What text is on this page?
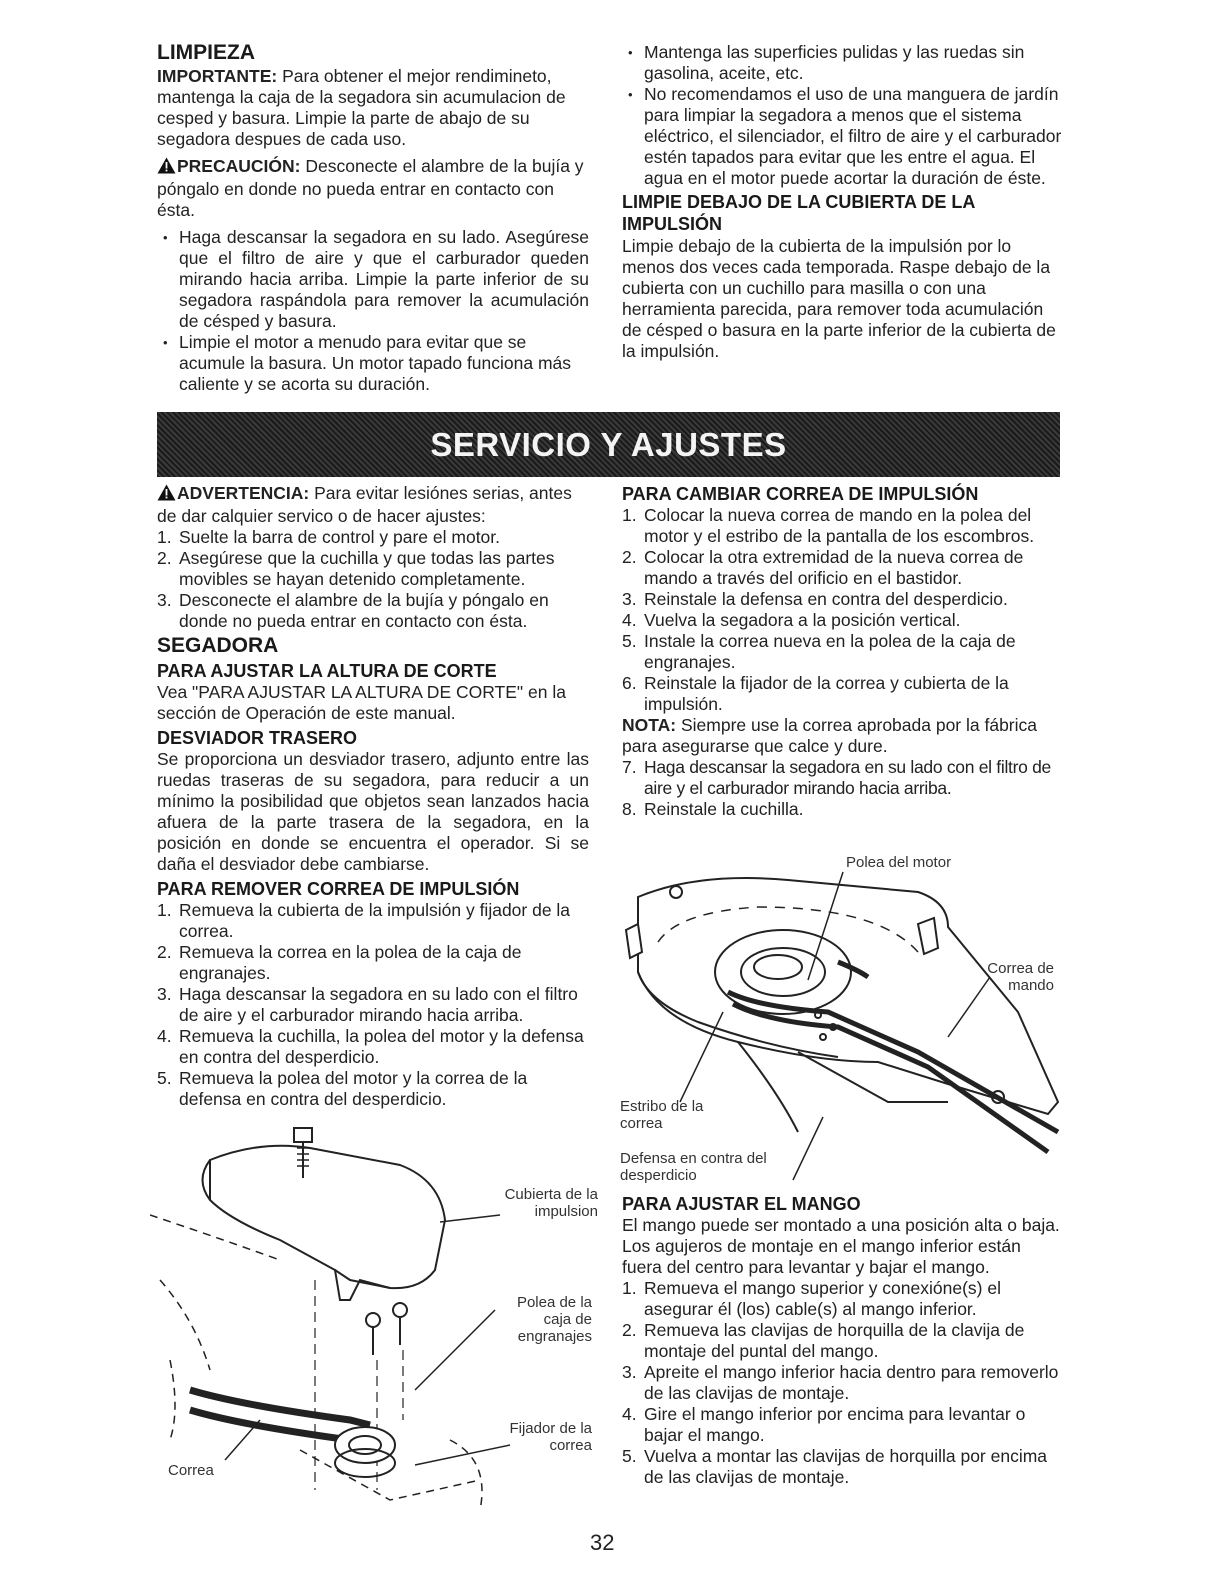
LIMPIEZA

IMPORTANTE: Para obtener el mejor rendimineto, mantenga la caja de la segadora sin acumulacion de cesped y basura. Limpie la parte de abajo de su segadora despues de cada uso.

PRECAUCIÓN: Desconecte el alambre de la bujía y póngalo en donde no pueda entrar en contacto con ésta.

• Haga descansar la segadora en su lado. Asegúrese que el filtro de aire y que el carburador queden mirando hacia arriba. Limpie la parte inferior de su segadora raspándola para remover la acumulación de césped y basura.
• Limpie el motor a menudo para evitar que se acumule la basura. Un motor tapado funciona más caliente y se acorta su duración.
• Mantenga las superficies pulidas y las ruedas sin gasolina, aceite, etc.
• No recomendamos el uso de una manguera de jardín para limpiar la segadora a menos que el sistema eléctrico, el silenciador, el filtro de aire y el carburador estén tapados para evitar que les entre el agua. El agua en el motor puede acortar la duración de éste.
LIMPIE DEBAJO DE LA CUBIERTA DE LA IMPULSIÓN

Limpie debajo de la cubierta de la impulsión por lo menos dos veces cada temporada. Raspe debajo de la cubierta con un cuchillo para masilla o con una herramienta parecida, para remover toda acumulación de césped o basura en la parte inferior de la cubierta de la impulsión.

SERVICIO Y AJUSTES

ADVERTENCIA: Para evitar lesiónes serias, antes de dar calquier servico o de hacer ajustes:

1. Suelte la barra de control y pare el motor.
2. Asegúrese que la cuchilla y que todas las partes movibles se hayan detenido completamente.
3. Desconecte el alambre de la bujía y póngalo en donde no pueda entrar en contacto con ésta.
SEGADORA
PARA AJUSTAR LA ALTURA DE CORTE

Vea "PARA AJUSTAR LA ALTURA DE CORTE" en la sección de Operación de este manual.

DESVIADOR TRASERO

Se proporciona un desviador trasero, adjunto entre las ruedas traseras de su segadora, para reducir a un mínimo la posibilidad que objetos sean lanzados hacia afuera de la parte trasera de la segadora, en la posición en donde se encuentra el operador. Si se daña el desviador debe cambiarse.

PARA REMOVER CORREA DE IMPULSIÓN
1. Remueva la cubierta de la impulsión y fijador de la correa.
2. Remueva la correa en la polea de la caja de engranajes.
3. Haga descansar la segadora en su lado con el filtro de aire y el carburador mirando hacia arriba.
4. Remueva la cuchilla, la polea del motor y la defensa en contra del desperdicio.
5. Remueva la polea del motor y la correa de la defensa en contra del desperdicio.
Cubierta de la impulsion
Polea de la caja de engranajes
Fijador de la correa
Correa
PARA CAMBIAR CORREA DE IMPULSIÓN
1. Colocar la nueva correa de mando en la polea del motor y el estribo de la pantalla de los escombros.
2. Colocar la otra extremidad de la nueva correa de mando a través del orificio en el bastidor.
3. Reinstale la defensa en contra del desperdicio.
4. Vuelva la segadora a la posición vertical.
5. Instale la correa nueva en la polea de la caja de engranajes.
6. Reinstale la fijador de la correa y cubierta de la impulsión.

NOTA: Siempre use la correa aprobada por la fábrica para asegurarse que calce y dure.

7. Haga descansar la segadora en su lado con el filtro de aire y el carburador mirando hacia arriba.
8. Reinstale la cuchilla.
Polea del motor
Correa de mando
Estribo de la correa
Defensa en contra del desperdicio
PARA AJUSTAR EL MANGO

El mango puede ser montado a una posición alta o baja. Los agujeros de montaje en el mango inferior están fuera del centro para levantar y bajar el mango.

1. Remueva el mango superior y conexióne(s) el asegurar él (los) cable(s) al mango inferior.
2. Remueva las clavijas de horquilla de la clavija de montaje del puntal del mango.
3. Apreite el mango inferior hacia dentro para removerlo de las clavijas de montaje.
4. Gire el mango inferior por encima para levantar o bajar el mango.
5. Vuelva a montar las clavijas de horquilla por encima de las clavijas de montaje.
32
